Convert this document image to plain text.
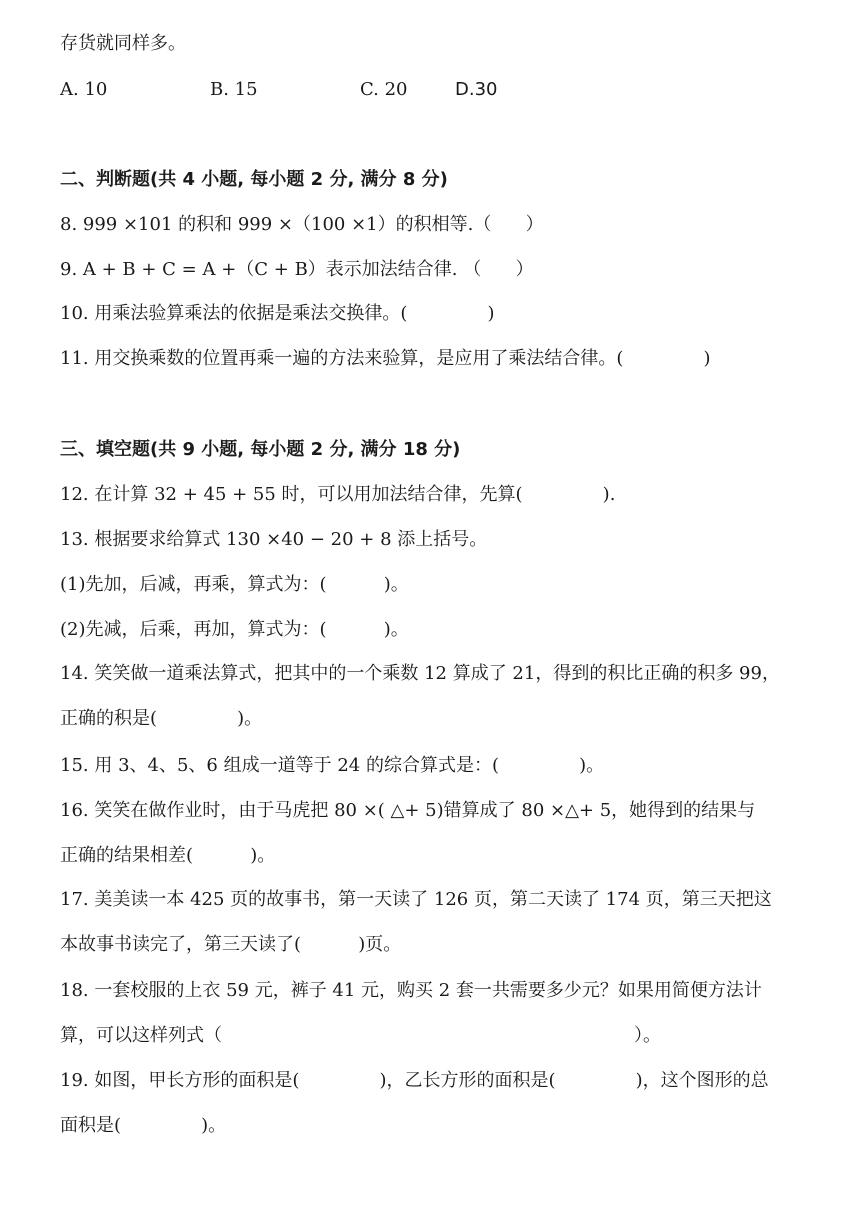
存货就同样多。
A. 10	B. 15	C. 20	D.30
二、判断题(共 4 小题, 每小题 2 分, 满分 8 分)
8. 999 ×101 的积和 999 ×（100 ×1）的积相等.（      ）
9. A + B + C = A +（C + B）表示加法结合律. （      ）
10. 用乘法验算乘法的依据是乘法交换律。(              )
11. 用交换乘数的位置再乘一遍的方法来验算，是应用了乘法结合律。(              )
三、填空题(共 9 小题, 每小题 2 分, 满分 18 分)
12. 在计算 32 + 45 + 55 时，可以用加法结合律，先算(              ).
13. 根据要求给算式 130 ×40 − 20 + 8 添上括号。
(1)先加，后减，再乘，算式为：(          )。
(2)先减，后乘，再加，算式为：(          )。
14. 笑笑做一道乘法算式，把其中的一个乘数 12 算成了 21，得到的积比正确的积多 99，
正确的积是(              )。
15. 用 3、4、5、6 组成一道等于 24 的综合算式是：(              )。
16. 笑笑在做作业时，由于马虎把 80 ×( △+ 5)错算成了 80 ×△+ 5，她得到的结果与
正确的结果相差(          )。
17. 美美读一本 425 页的故事书，第一天读了 126 页，第二天读了 174 页，第三天把这
本故事书读完了，第三天读了(          )页。
18. 一套校服的上衣 59 元，裤子 41 元，购买 2 套一共需要多少元？如果用简便方法计
算，可以这样列式（                                                                        ）。
19. 如图，甲长方形的面积是(              )，乙长方形的面积是(              )，这个图形的总
面积是(              )。
